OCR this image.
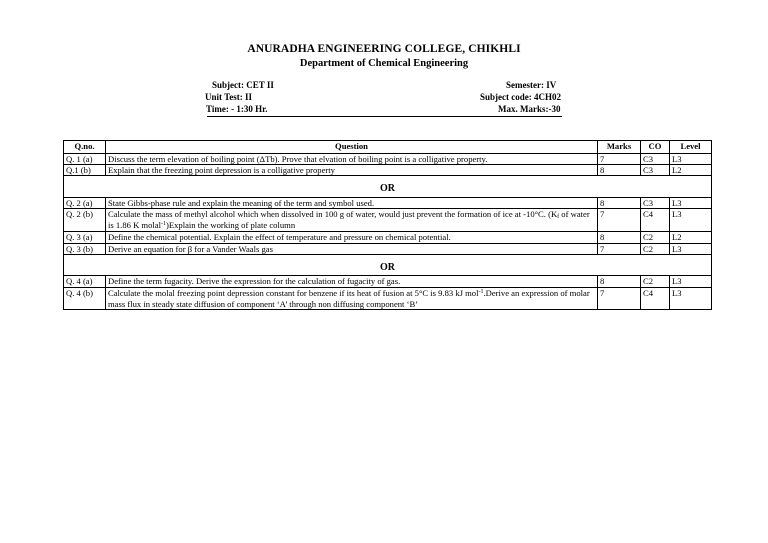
ANURADHA ENGINEERING COLLEGE, CHIKHLI
Department of Chemical Engineering
Subject: CET II
Unit Test: II
Time: - 1:30 Hr.
Semester: IV
Subject code: 4CH02
Max. Marks:-30
Q.no.	Question	Marks	CO	Level
Q. 1 (a)	Discuss the term elevation of boiling point (ΔTb). Prove that elvation of boiling point is a colligative property.	7	C3	L3
Q.1 (b)	Explain that the freezing point depression is a colligative property	8	C3	L2
OR				
Q. 2 (a)	State Gibbs-phase rule and explain the meaning of the term and symbol used.	8	C3	L3
Q. 2 (b)	Calculate the mass of methyl alcohol which when dissolved in 100 g of water, would just prevent the formation of ice at -10°C. (Kf of water is 1.86 K molal$^{-1}$)Explain the working of plate column	7	C4	L3
Q. 3 (a)	Define the chemical potential. Explain the effect of temperature and pressure on chemical potential.	8	C2	L2
Q. 3 (b)	Derive an equation for β for a Vander Waals gas	7	C2	L3
OR				
Q. 4 (a)	Define the term fugacity. Derive the expression for the calculation of fugacity of gas.	8	C2	L3
Q. 4 (b)	Calculate the molal freezing point depression constant for benzene if its heat of fusion at 5°C is 9.83 kJ mol$^{-1}$.Derive an expression of molar mass flux in steady state diffusion of component ‘A’ through non diffusing component ‘B’	7	C4	L3
